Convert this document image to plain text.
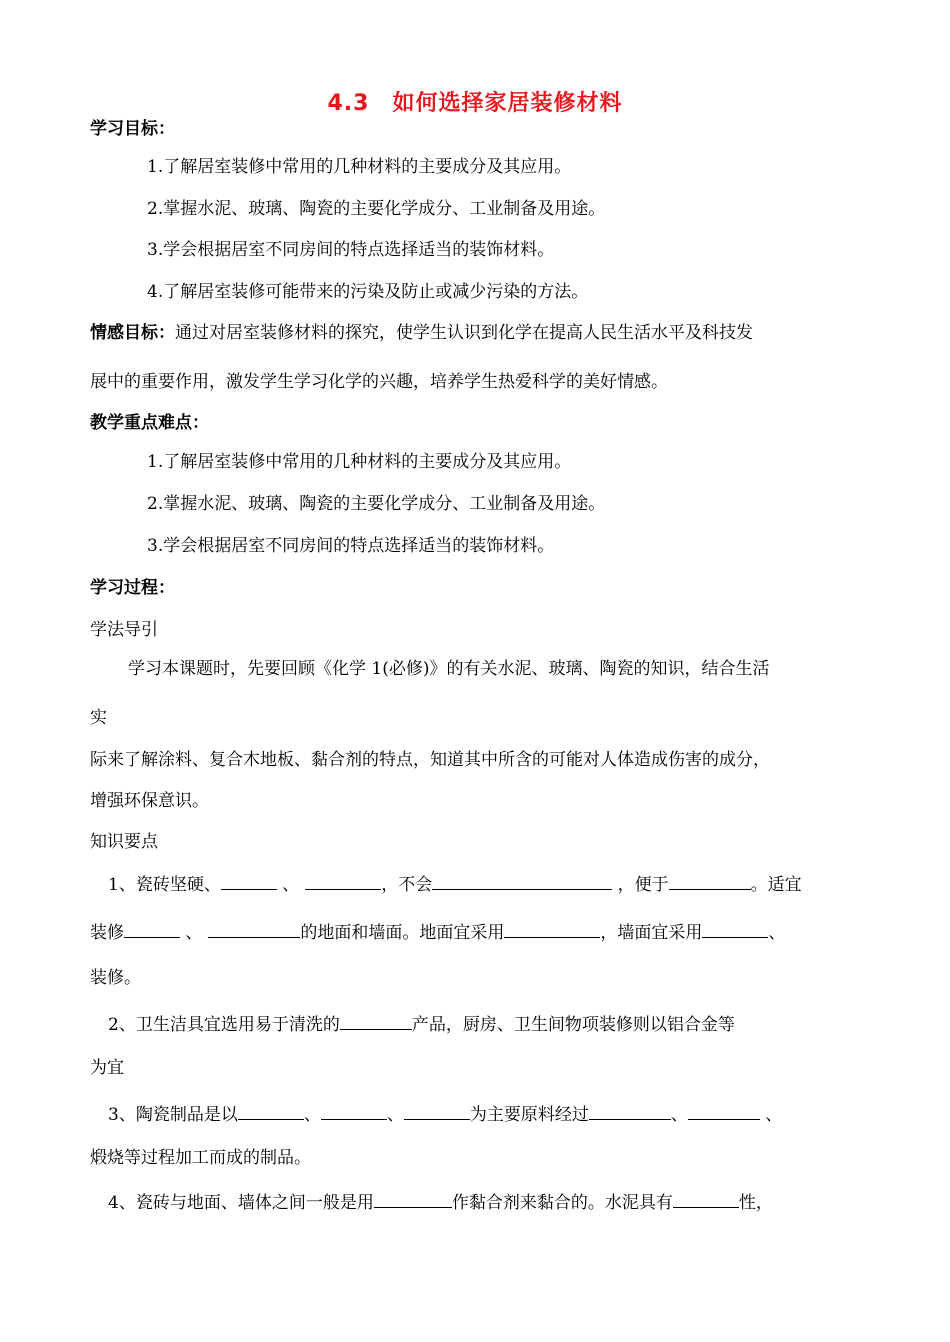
4.3　如何选择家居装修材料
学习目标：
1.了解居室装修中常用的几种材料的主要成分及其应用。
2.掌握水泥、玻璃、陶瓷的主要化学成分、工业制备及用途。
3.学会根据居室不同房间的特点选择适当的装饰材料。
4.了解居室装修可能带来的污染及防止或减少污染的方法。
情感目标：通过对居室装修材料的探究，使学生认识到化学在提高人民生活水平及科技发
展中的重要作用，激发学生学习化学的兴趣，培养学生热爱科学的美好情感。
教学重点难点：
1.了解居室装修中常用的几种材料的主要成分及其应用。
2.掌握水泥、玻璃、陶瓷的主要化学成分、工业制备及用途。
3.学会根据居室不同房间的特点选择适当的装饰材料。
学习过程：
学法导引
学习本课题时，先要回顾《化学 1(必修)》的有关水泥、玻璃、陶瓷的知识，结合生活
实
际来了解涂料、复合木地板、黏合剂的特点，知道其中所含的可能对人体造成伤害的成分，
增强环保意识。
知识要点
1、瓷砖坚硬、	、	，不会	，便于	。适宜
装修	、	的地面和墙面。地面宜采用	，墙面宜采用	、
装修。
2、卫生洁具宜选用易于清洗的	产品，厨房、卫生间物项装修则以铝合金等
为宜
3、陶瓷制品是以	、	、	为主要原料经过	、	、
煅烧等过程加工而成的制品。
4、瓷砖与地面、墙体之间一般是用	作黏合剂来黏合的。水泥具有	性，
